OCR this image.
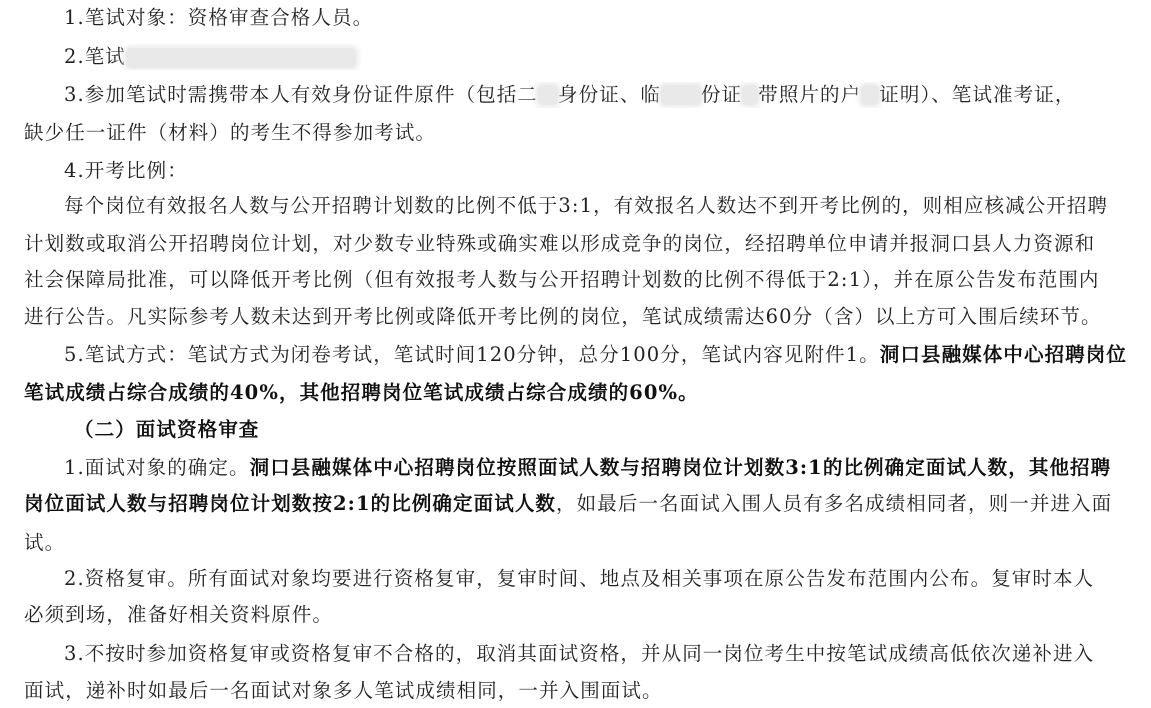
1.笔试对象：资格审查合格人员。
2.笔试
3.参加笔试时需携带本人有效身份证件原件（包括二 身份证、临 份证 带照片的户 证明）、笔试准考证，
缺少任一证件（材料）的考生不得参加考试。
4.开考比例：
每个岗位有效报名人数与公开招聘计划数的比例不低于3:1，有效报名人数达不到开考比例的，则相应核减公开招聘
计划数或取消公开招聘岗位计划，对少数专业特殊或确实难以形成竞争的岗位，经招聘单位申请并报洞口县人力资源和
社会保障局批准，可以降低开考比例（但有效报考人数与公开招聘计划数的比例不得低于2:1），并在原公告发布范围内
进行公告。凡实际参考人数未达到开考比例或降低开考比例的岗位，笔试成绩需达60分（含）以上方可入围后续环节。
5.笔试方式：笔试方式为闭卷考试，笔试时间120分钟，总分100分，笔试内容见附件1。洞口县融媒体中心招聘岗位
笔试成绩占综合成绩的40%，其他招聘岗位笔试成绩占综合成绩的60%。
（二）面试资格审查
1.面试对象的确定。洞口县融媒体中心招聘岗位按照面试人数与招聘岗位计划数3:1的比例确定面试人数，其他招聘
岗位面试人数与招聘岗位计划数按2:1的比例确定面试人数，如最后一名面试入围人员有多名成绩相同者，则一并进入面
试。
2.资格复审。所有面试对象均要进行资格复审，复审时间、地点及相关事项在原公告发布范围内公布。复审时本人
必须到场，准备好相关资料原件。
3.不按时参加资格复审或资格复审不合格的，取消其面试资格，并从同一岗位考生中按笔试成绩高低依次递补进入
面试，递补时如最后一名面试对象多人笔试成绩相同，一并入围面试。
